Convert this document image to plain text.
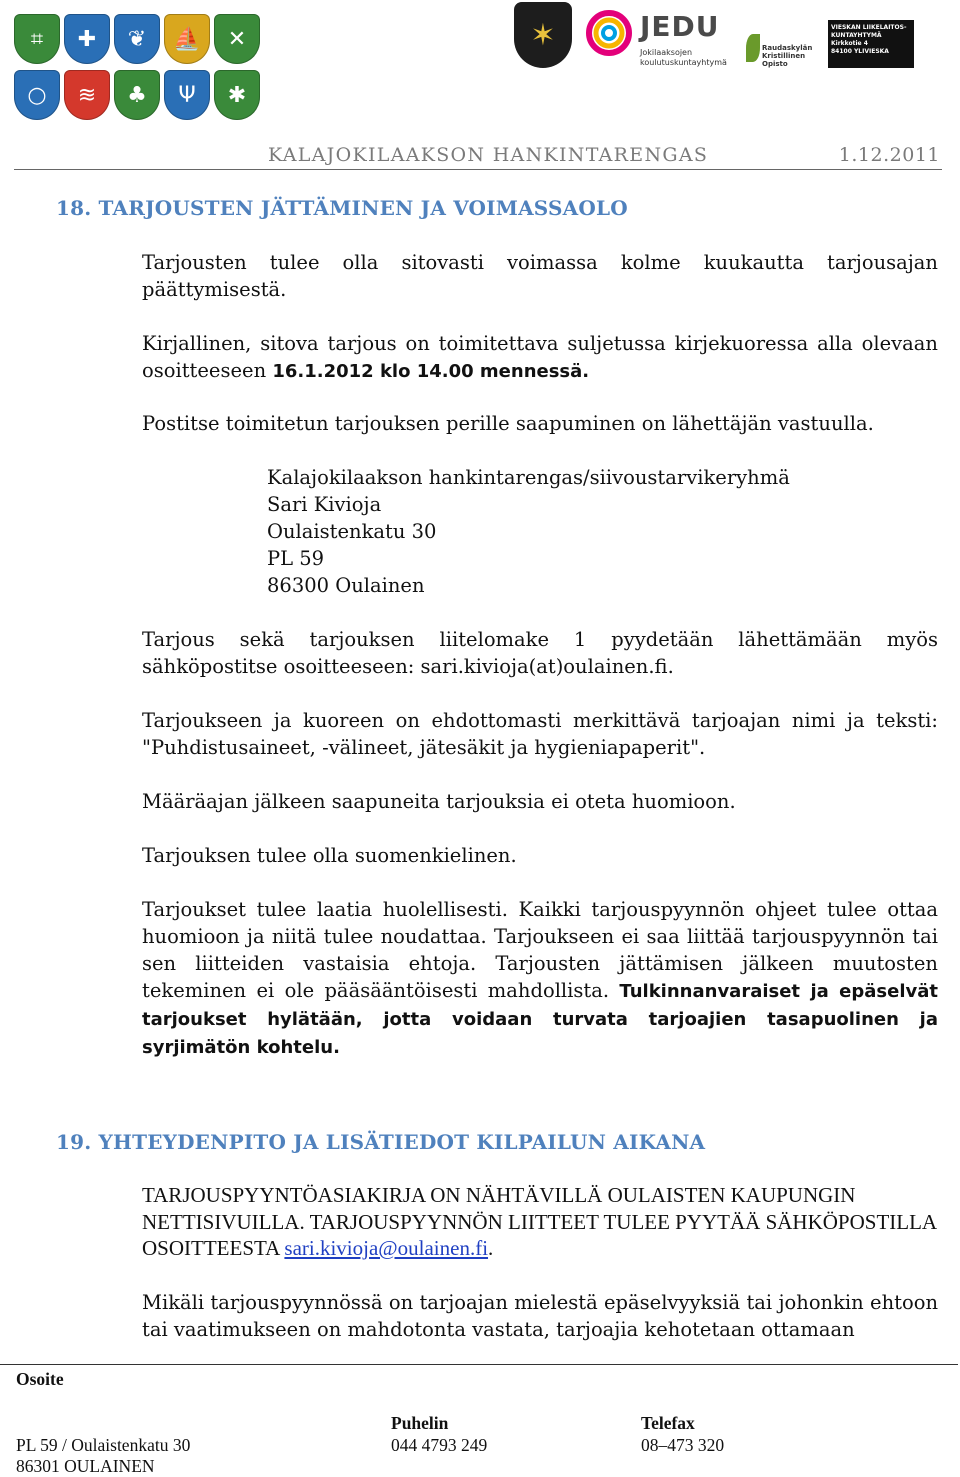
⌗	✚	❦	⛵	✕
○	≋	♣	Ψ	✱
✶	JEDU
Jokilaaksojen koulutuskuntayhtymä
Raudaskylän Kristillinen Opisto
VIESKAN LIIKELAITOS-
KUNTAYHTYMÄ
Kirkkotie 4
84100 YLIVIESKA
KALAJOKILAAKSON HANKINTARENGAS	1.12.2011
18. TARJOUSTEN JÄTTÄMINEN JA VOIMASSAOLO
Tarjousten tulee olla sitovasti voimassa kolme kuukautta tarjousajan päättymisestä.
Kirjallinen, sitova tarjous on toimitettava suljetussa kirjekuoressa alla olevaan osoitteeseen 16.1.2012 klo 14.00 mennessä.
Postitse toimitetun tarjouksen perille saapuminen on lähettäjän vastuulla.
Kalajokilaakson hankintarengas/siivoustarvikeryhmä
Sari Kivioja
Oulaistenkatu 30
PL 59
86300 Oulainen
Tarjous sekä tarjouksen liitelomake 1 pyydetään lähettämään myös sähköpostitse osoitteeseen: sari.kivioja(at)oulainen.fi.
Tarjoukseen ja kuoreen on ehdottomasti merkittävä tarjoajan nimi ja teksti: "Puhdistusaineet, -välineet, jätesäkit ja hygieniapaperit".
Määräajan jälkeen saapuneita tarjouksia ei oteta huomioon.
Tarjouksen tulee olla suomenkielinen.
Tarjoukset tulee laatia huolellisesti. Kaikki tarjouspyynnön ohjeet tulee ottaa huomioon ja niitä tulee noudattaa. Tarjoukseen ei saa liittää tarjouspyynnön tai sen liitteiden vastaisia ehtoja. Tarjousten jättämisen jälkeen muutosten tekeminen ei ole pääsääntöisesti mahdollista. Tulkinnanvaraiset ja epäselvät tarjoukset hylätään, jotta voidaan turvata tarjoajien tasapuolinen ja syrjimätön kohtelu.
19. YHTEYDENPITO JA LISÄTIEDOT KILPAILUN AIKANA
TARJOUSPYYNTÖASIAKIRJA ON NÄHTÄVILLÄ OULAISTEN KAUPUNGIN NETTISIVUILLA. TARJOUSPYYNNÖN LIITTEET TULEE PYYTÄÄ SÄHKÖPOSTILLA OSOITTEESTA sari.kivioja@oulainen.fi.
Mikäli tarjouspyynnössä on tarjoajan mielestä epäselvyyksiä tai johonkin ehtoon tai vaatimukseen on mahdotonta vastata, tarjoajia kehotetaan ottamaan
Osoite
Puhelin	Telefax
PL 59 / Oulaistenkatu 30	044 4793 249	08–473 320
86301 OULAINEN
